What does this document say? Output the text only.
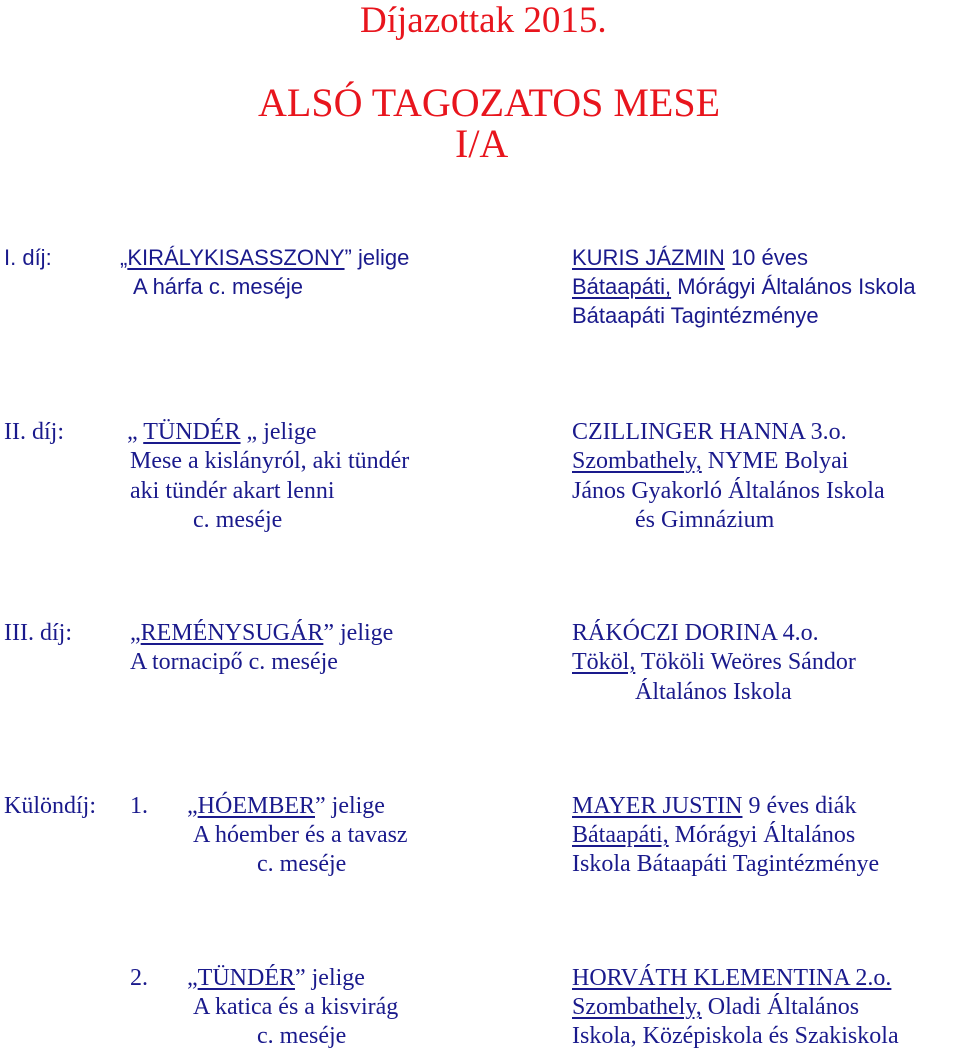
Díjazottak 2015.
ALSÓ TAGOZATOS MESE
I/A
I. díj:	„KIRÁLYKISASSZONY” jelige
A hárfa c. meséje
KURIS JÁZMIN 10 éves
Bátaapáti, Mórágyi Általános Iskola
Bátaapáti Tagintézménye
II. díj:	„ TÜNDÉR „ jelige
Mese a kislányról, aki tündér
aki tündér akart lenni
c. meséje
CZILLINGER HANNA 3.o.
Szombathely, NYME Bolyai
János Gyakorló Általános Iskola
és Gimnázium
III. díj: „REMÉNYSUGÁR” jelige
A tornacipő c. meséje
RÁKÓCZI DORINA 4.o.
Tököl, Tököli Weöres Sándor
Általános Iskola
Különdíj: 1. „HÓEMBER” jelige
A hóember és a tavasz
c. meséje
MAYER JUSTIN 9 éves diák
Bátaapáti, Mórágyi Általános
Iskola Bátaapáti Tagintézménye
2. „TÜNDÉR” jelige
A katica és a kisvirág
c. meséje
HORVÁTH KLEMENTINA 2.o.
Szombathely, Oladi Általános
Iskola, Középiskola és Szakiskola
